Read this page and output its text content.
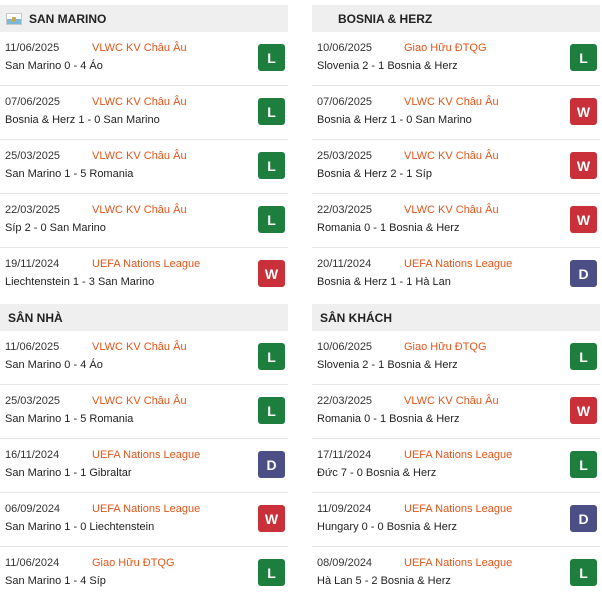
SAN MARINO
11/06/2025	VLWC KV Châu Âu
San Marino 0 - 4 Áo
L
07/06/2025	VLWC KV Châu Âu
Bosnia & Herz 1 - 0 San Marino
L
25/03/2025	VLWC KV Châu Âu
San Marino 1 - 5 Romania
L
22/03/2025	VLWC KV Châu Âu
Síp 2 - 0 San Marino
L
19/11/2024	UEFA Nations League
Liechtenstein 1 - 3 San Marino
W
SÂN NHÀ
11/06/2025	VLWC KV Châu Âu
San Marino 0 - 4 Áo
L
25/03/2025	VLWC KV Châu Âu
San Marino 1 - 5 Romania
L
16/11/2024	UEFA Nations League
San Marino 1 - 1 Gibraltar
D
06/09/2024	UEFA Nations League
San Marino 1 - 0 Liechtenstein
W
11/06/2024	Giao Hữu ĐTQG
San Marino 1 - 4 Síp
L
BOSNIA & HERZ
10/06/2025	Giao Hữu ĐTQG
Slovenia 2 - 1 Bosnia & Herz
L
07/06/2025	VLWC KV Châu Âu
Bosnia & Herz 1 - 0 San Marino
W
25/03/2025	VLWC KV Châu Âu
Bosnia & Herz 2 - 1 Síp
W
22/03/2025	VLWC KV Châu Âu
Romania 0 - 1 Bosnia & Herz
W
20/11/2024	UEFA Nations League
Bosnia & Herz 1 - 1 Hà Lan
D
SÂN KHÁCH
10/06/2025	Giao Hữu ĐTQG
Slovenia 2 - 1 Bosnia & Herz
L
22/03/2025	VLWC KV Châu Âu
Romania 0 - 1 Bosnia & Herz
W
17/11/2024	UEFA Nations League
Đức 7 - 0 Bosnia & Herz
L
11/09/2024	UEFA Nations League
Hungary 0 - 0 Bosnia & Herz
D
08/09/2024	UEFA Nations League
Hà Lan 5 - 2 Bosnia & Herz
L
